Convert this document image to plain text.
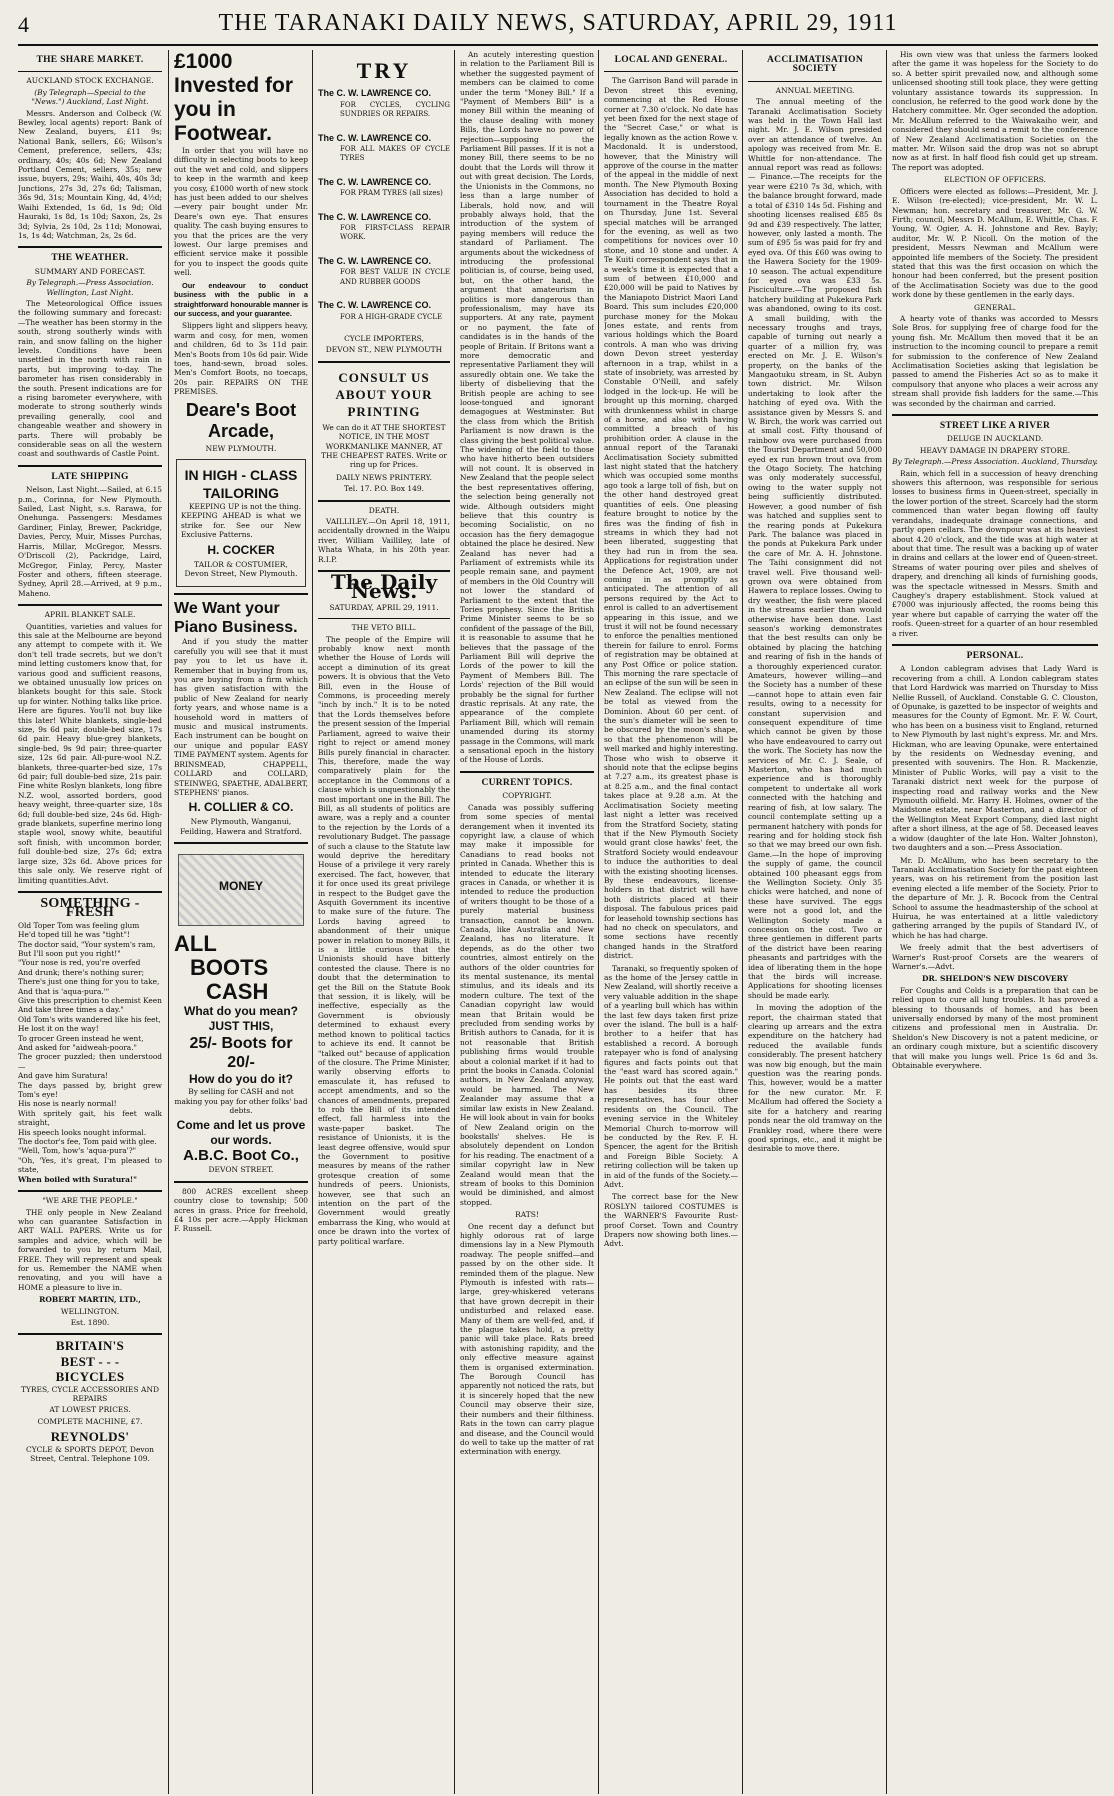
4	THE TARANAKI DAILY NEWS, SATURDAY, APRIL 29, 1911
THE SHARE MARKET.
AUCKLAND STOCK EXCHANGE.
(By Telegraph—Special to the "News.") Auckland, Last Night.

Messrs. Anderson and Colbeck (W. Bewley, local agents) report: Bank of New Zealand, buyers, £11 9s; National Bank, sellers, £6; Wilson's Cement, preference, sellers, 43s; ordinary, 40s; 40s 6d; New Zealand Portland Cement, sellers, 35s; new issue, buyers, 29s; Waihi, 40s, 40s 3d; Junctions, 27s 3d, 27s 6d; Talisman, 36s 9d, 31s; Mountain King, 4d, 4½d; Waihi Extended, 1s 6d, 1s 9d; Old Hauraki, 1s 8d, 1s 10d; Saxon, 2s, 2s 3d; Sylvia, 2s 10d, 2s 11d; Monowai, 1s, 1s 4d; Watchman, 2s, 2s 6d.

THE WEATHER.
SUMMARY AND FORECAST.
By Telegraph.—Press Association. Wellington, Last Night.

The Meteorological Office issues the following summary and forecast:—The weather has been stormy in the south, strong southerly winds with rain, and snow falling on the higher levels. Conditions have been unsettled in the north with rain in parts, but improving to-day. The barometer has risen considerably in the south. Present indications are for a rising barometer everywhere, with moderate to strong southerly winds prevailing generally, cool and changeable weather and showery in parts. There will probably be considerable seas on all the western coast and southwards of Castle Point.

LATE SHIPPING

Nelson, Last Night.—Sailed, at 6.15 p.m., Corinna, for New Plymouth. Sailed, Last Night, s.s. Rarawa, for Onehunga. Passengers: Mesdames Gardiner, Finlay, Brewer, Packridge, Davies, Percy, Muir, Misses Purchas, Harris, Millar, McGregor, Messrs. O'Driscoll (2), Packridge, Laird, McGregor, Finlay, Percy, Master Foster and others, fifteen steerage. Sydney, April 28.—Arrived, at 9 p.m., Maheno.

APRIL BLANKET SALE.

Quantities, varieties and values for this sale at the Melbourne are beyond any attempt to compete with it. We don't tell trade secrets, but we don't mind letting customers know that, for various good and sufficient reasons, we obtained unusually low prices on blankets bought for this sale. Stock up for winter. Nothing talks like price. Here are figures. You'll not buy like this later! White blankets, single-bed size, 9s 6d pair, double-bed size, 17s 6d pair. Heavy blue-grey blankets, single-bed, 9s 9d pair; three-quarter size, 12s 6d pair. All-pure-wool N.Z. blankets, three-quarter-bed size, 17s 6d pair; full double-bed size, 21s pair. Fine white Roslyn blankets, long fibre N.Z. wool, assorted borders, good heavy weight, three-quarter size, 18s 6d; full double-bed size, 24s 6d. High-grade blankets, superfine merino long staple wool, snowy white, beautiful soft finish, with uncommon border, full double-bed size, 27s 6d; extra large size, 32s 6d. Above prices for this sale only. We reserve right of limiting quantities.Advt.

SOMETHING - FRESH

Old Toper Tom was feeling glum

He'd toped till he was "tight"!

The doctor said, "Your system's ram,

But I'll soon put you right!"

"Your nose is red, you're overfed

And drunk; there's nothing surer;

There's just one thing for you to take,

And that is 'aqua-pura.'"

Give this prescription to chemist Keen

And take three times a day."

Old Tom's wits wandered like his feet,

He lost it on the way!

To grocer Green instead he went,

And asked for "aidweah-poora."

The grocer puzzled; then understood—

And gave him Suratura!

The days passed by, bright grew Tom's eye!

His nose is nearly normal!

With spritely gait, his feet walk straight,

His speech looks nought informal.

The doctor's fee, Tom paid with glee.

"Well, Tom, how's 'aqua-pura'?"

"Oh, 'Yes, it's great, I'm pleased to state,

When boiled with Suratura!"

"WE ARE THE PEOPLE."

THE only people in New Zealand who can guarantee Satisfaction in ART WALL PAPERS. Write us for samples and advice, which will be forwarded to you by return Mail, FREE. They will represent and speak for us. Remember the NAME when renovating, and you will have a HOME a pleasure to live in.

ROBERT MARTIN, LTD.,
WELLINGTON.
Est. 1890.
BRITAIN'S
BEST - - -
BICYCLES
TYRES, CYCLE ACCESSORIES AND REPAIRS
AT LOWEST PRICES.
COMPLETE MACHINE, £7.
REYNOLDS'
CYCLE & SPORTS DEPOT, Devon Street, Central. Telephone 109.
£1000 Invested for you in Footwear.

In order that you will have no difficulty in selecting boots to keep out the wet and cold, and slippers to keep in the warmth and keep you cosy, £1000 worth of new stock has just been added to our shelves—every pair bought under Mr. Deare's own eye. That ensures quality. The cash buying ensures to you that the prices are the very lowest. Our large premises and efficient service make it possible for you to inspect the goods quite well.

Our endeavour to conduct business with the public in a straightforward honourable manner is our success, and your guarantee.

Slippers light and slippers heavy, warm and cosy, for men, women and children, 6d to 3s 11d pair. Men's Boots from 10s 6d pair. Wide toes, hand-sewn, broad soles. Men's Comfort Boots, no toecaps, 20s pair. REPAIRS ON THE PREMISES.

Deare's Boot Arcade,
NEW PLYMOUTH.
IN HIGH - CLASS TAILORING

KEEPING UP is not the thing. KEEPING AHEAD is what we strike for. See our New Exclusive Patterns.

H. COCKER
TAILOR & COSTUMIER, Devon Street, New Plymouth.
We Want your Piano Business.

And if you study the matter carefully you will see that it must pay you to let us have it. Remember that in buying from us, you are buying from a firm which has given satisfaction with the public of New Zealand for nearly forty years, and whose name is a household word in matters of music and musical instruments. Each instrument can be bought on our unique and popular EASY TIME PAYMENT system. Agents for BRINSMEAD, CHAPPELL, COLLARD and COLLARD, STEINWEG, SPAETHE, ADALBERT, STEPHENS' pianos.

H. COLLIER & CO.
New Plymouth, Wanganui, Feilding, Hawera and Stratford.
MONEY
ALL
BOOTS
CASH
What do you mean?
JUST THIS,
25/- Boots for 20/-
How do you do it?

By selling for CASH and not making you pay for other folks' bad debts.

Come and let us prove our words.
A.B.C. Boot Co.,
DEVON STREET.

800 ACRES excellent sheep country close to township; 500 acres in grass. Price for freehold, £4 10s per acre.—Apply Hickman F. Russell.

TRY
The C. W. LAWRENCE CO.
FOR CYCLES, CYCLING SUNDRIES OR REPAIRS.
The C. W. LAWRENCE CO.
FOR ALL MAKES OF CYCLE TYRES
The C. W. LAWRENCE CO.
FOR PRAM TYRES (all sizes)
The C. W. LAWRENCE CO.
FOR FIRST-CLASS REPAIR WORK.
The C. W. LAWRENCE CO.
FOR BEST VALUE IN CYCLE AND RUBBER GOODS
The C. W. LAWRENCE CO.
FOR A HIGH-GRADE CYCLE
CYCLE IMPORTERS,
DEVON ST., NEW PLYMOUTH
CONSULT US ABOUT YOUR PRINTING

We can do it AT THE SHORTEST NOTICE, IN THE MOST WORKMANLIKE MANNER, AT THE CHEAPEST RATES. Write or ring up for Prices.

DAILY NEWS PRINTERY.
Tel. 17. P.O. Box 149.
DEATH.

VAILLILEY.—On April 18, 1911, accidentally drowned in the Waipu river, William Vailliley, late of Whata Whata, in his 20th year. R.I.P.

The Daily News.
SATURDAY, APRIL 29, 1911.
THE VETO BILL.

The people of the Empire will probably know next month whether the House of Lords will accept a diminution of its great powers. It is obvious that the Veto Bill, even in the House of Commons, is proceeding merely "inch by inch." It is to be noted that the Lords themselves before the present session of the Imperial Parliament, agreed to waive their right to reject or amend money Bills purely financial in character. This, therefore, made the way comparatively plain for the acceptance in the Commons of a clause which is unquestionably the most important one in the Bill. The Bill, as all students of politics are aware, was a reply and a counter to the rejection by the Lords of a revolutionary Budget. The passage of such a clause to the Statute law would deprive the hereditary House of a privilege it very rarely exercised. The fact, however, that it for once used its great privilege in respect to the Budget gave the Asquith Government its incentive to make sure of the future. The Lords having agreed to abandonment of their unique power in relation to money Bills, it is a little curious that the Unionists should have bitterly contested the clause. There is no doubt that the determination to get the Bill on the Statute Book that session, it is likely, will be ineffective, especially as the Government is obviously determined to exhaust every method known to political tactics to achieve its end. It cannot be "talked out" because of application of the closure. The Prime Minister, warily observing efforts to emasculate it, has refused to accept amendments, and so the chances of amendments, prepared to rob the Bill of its intended effect, fall harmless into the waste-paper basket. The resistance of Unionists, it is the least degree offensive, would spur the Government to positive measures by means of the rather grotesque creation of some hundreds of peers. Unionists, however, see that such an intention on the part of the Government would greatly embarrass the King, who would at once be drawn into the vortex of party political warfare.

An acutely interesting question in relation to the Parliament Bill is whether the suggested payment of members can be claimed to come under the term "Money Bill." If a "Payment of Members Bill" is a money Bill within the meaning of the clause dealing with money Bills, the Lords have no power of rejection—supposing the Parliament Bill passes. If it is not a money Bill, there seems to be no doubt that the Lords will throw it out with great decision. The Lords, the Unionists in the Commons, no less than a large number of Liberals, hold now, and will probably always hold, that the introduction of the system of paying members will reduce the standard of Parliament. The arguments about the wickedness of introducing the professional politician is, of course, being used, but, on the other hand, the argument that amateurism in politics is more dangerous than professionalism, may have its supporters. At any rate, payment or no payment, the fate of candidates is in the hands of the people of Britain. If Britons want a more democratic and representative Parliament they will assuredly obtain one. We take the liberty of disbelieving that the British people are aching to see loose-tongued and ignorant demagogues at Westminster. But the class from which the British Parliament is now drawn is the class giving the best political value. The widening of the field to those who have hitherto been outsiders will not count. It is observed in New Zealand that the people select the best representatives offering, the selection being generally not wide. Although outsiders might believe that this country is becoming Socialistic, on no occasion has the fiery demagogue obtained the place he desired. New Zealand has never had a Parliament of extremists while its people remain sane, and payment of members in the Old Country will not lower the standard of Parliament to the extent that the Tories prophesy. Since the British Prime Minister seems to be so confident of the passage of the Bill, it is reasonable to assume that he believes that the passage of the Parliament Bill will deprive the Lords of the power to kill the Payment of Members Bill. The Lords' rejection of the Bill would probably be the signal for further drastic reprisals. At any rate, the appearance of the complete Parliament Bill, which will remain unamended during its stormy passage in the Commons, will mark a sensational epoch in the history of the House of Lords.

CURRENT TOPICS.
COPYRIGHT.

Canada was possibly suffering from some species of mental derangement when it invented its copyright law, a clause of which may make it impossible for Canadians to read books not printed in Canada. Whether this is intended to educate the literary graces in Canada, or whether it is intended to reduce the production of writers thought to be those of a purely material business transaction, cannot be known. Canada, like Australia and New Zealand, has no literature. It depends, as do the other two countries, almost entirely on the authors of the older countries for its mental sustenance, its mental stimulus, and its ideals and its modern culture. The text of the Canadian copyright law would mean that Britain would be precluded from sending works by British authors to Canada, for it is not reasonable that British publishing firms would trouble about a colonial market if it had to print the books in Canada. Colonial authors, in New Zealand anyway, would be harmed. The New Zealander may assume that a similar law exists in New Zealand. He will look about in vain for books of New Zealand origin on the bookstalls' shelves. He is absolutely dependent on London for his reading. The enactment of a similar copyright law in New Zealand would mean that the stream of books to this Dominion would be diminished, and almost stopped.

RATS!

One recent day a defunct but highly odorous rat of large dimensions lay in a New Plymouth roadway. The people sniffed—and passed by on the other side. It reminded them of the plague. New Plymouth is infested with rats—large, grey-whiskered veterans that have grown decrepit in their undisturbed and relaxed ease. Many of them are well-fed, and, if the plague takes hold, a pretty panic will take place. Rats breed with astonishing rapidity, and the only effective measure against them is organised extermination. The Borough Council has apparently not noticed the rats, but it is sincerely hoped that the new Council may observe their size, their numbers and their filthiness. Rats in the town can carry plague and disease, and the Council would do well to take up the matter of rat extermination with energy.

LOCAL AND GENERAL.

The Garrison Band will parade in Devon street this evening, commencing at the Red House corner at 7.30 o'clock. No date has yet been fixed for the next stage of the "Secret Case," or what is legally known as the action Rowe v. Macdonald. It is understood, however, that the Ministry will approve of the course in the matter of the appeal in the middle of next month. The New Plymouth Boxing Association has decided to hold a tournament in the Theatre Royal on Thursday, June 1st. Several special matches will be arranged for the evening, as well as two competitions for novices over 10 stone, and 10 stone and under. A Te Kuiti correspondent says that in a week's time it is expected that a sum of between £10,000 and £20,000 will be paid to Natives by the Maniapoto District Maori Land Board. This sum includes £20,000 purchase money for the Mokau Jones estate, and rents from various holdings which the Board controls. A man who was driving down Devon street yesterday afternoon in a trap, whilst in a state of insobriety, was arrested by Constable O'Neill, and safely lodged in the lock-up. He will be brought up this morning, charged with drunkenness whilst in charge of a horse, and also with having committed a breach of his prohibition order. A clause in the annual report of the Taranaki Acclimatisation Society submitted last night stated that the hatchery which was occupied some months ago took a large toll of fish, but on the other hand destroyed great quantities of eels. One pleasing feature brought to notice by the fires was the finding of fish in streams in which they had not been liberated, suggesting that they had run in from the sea. Applications for registration under the Defence Act, 1909, are not coming in as promptly as anticipated. The attention of all persons required by the Act to enrol is called to an advertisement appearing in this issue, and we trust it will not be found necessary to enforce the penalties mentioned therein for failure to enrol. Forms of registration may be obtained at any Post Office or police station. This morning the rare spectacle of an eclipse of the sun will be seen in New Zealand. The eclipse will not be total as viewed from the Dominion. About 60 per cent. of the sun's diameter will be seen to be obscured by the moon's shape, so that the phenomenon will be well marked and highly interesting. Those who wish to observe it should note that the eclipse begins at 7.27 a.m., its greatest phase is at 8.25 a.m., and the final contact takes place at 9.28 a.m. At the Acclimatisation Society meeting last night a letter was received from the Stratford Society, stating that if the New Plymouth Society would grant close hawks' feet, the Stratford Society would endeavour to induce the authorities to deal with the existing shooting licenses. By these endeavours, license-holders in that district will have both districts placed at their disposal. The fabulous prices paid for leasehold township sections has had no check on speculators, and some sections have recently changed hands in the Stratford district.

Taranaki, so frequently spoken of as the home of the Jersey cattle in New Zealand, will shortly receive a very valuable addition in the shape of a yearling bull which has within the last few days taken first prize over the island. The bull is a half-brother to a heifer that has established a record. A borough ratepayer who is fond of analysing figures and facts points out that the "east ward has scored again." He points out that the east ward has besides its three representatives, has four other residents on the Council. The evening service in the Whiteley Memorial Church to-morrow will be conducted by the Rev. F. H. Spencer, the agent for the British and Foreign Bible Society. A retiring collection will be taken up in aid of the funds of the Society.—Advt.

The correct base for the New ROSLYN tailored COSTUMES is the WARNER'S Favourite Rust-proof Corset. Town and Country Drapers now showing both lines.—Advt.

ACCLIMATISATION SOCIETY
ANNUAL MEETING.

The annual meeting of the Taranaki Acclimatisation Society was held in the Town Hall last night. Mr. J. E. Wilson presided over an attendance of twelve. An apology was received from Mr. E. Whittle for non-attendance. The annual report was read as follows:— Finance.—The receipts for the year were £210 7s 3d, which, with the balance brought forward, made a total of £310 14s 5d. Fishing and shooting licenses realised £85 8s 9d and £39 respectively. The latter, however, only lasted a month. The sum of £95 5s was paid for fry and eyed ova. Of this £60 was owing to the Hawera Society for the 1909-10 season. The actual expenditure for eyed ova was £33 5s. Pisciculture.—The proposed fish hatchery building at Pukekura Park was abandoned, owing to its cost. A small building, with the necessary troughs and trays, capable of turning out nearly a quarter of a million fry, was erected on Mr. J. E. Wilson's property, on the banks of the Mangaotuku stream, in St. Aubyn town district. Mr. Wilson undertaking to look after the hatching of eyed ova. With the assistance given by Messrs S. and W. Birch, the work was carried out at small cost. Fifty thousand of rainbow ova were purchased from the Tourist Department and 50,000 eyed ex run brown trout ova from the Otago Society. The hatching was only moderately successful, owing to the water supply not being sufficiently distributed. However, a good number of fish was hatched and supplies sent to the rearing ponds at Pukekura Park. The balance was placed in the ponds at Pukekura Park under the care of Mr. A. H. Johnstone. The Taihi consignment did not travel well. Five thousand well-grown ova were obtained from Hawera to replace losses. Owing to dry weather, the fish were placed in the streams earlier than would otherwise have been done. Last season's working demonstrates that the best results can only be obtained by placing the hatching and rearing of fish in the hands of a thoroughly experienced curator. Amateurs, however willing—and the Society has a number of these—cannot hope to attain even fair results, owing to a necessity for constant supervision and consequent expenditure of time which cannot be given by those who have endeavoured to carry out the work. The Society has now the services of Mr. C. J. Seale, of Masterton, who has had much experience and is thoroughly competent to undertake all work connected with the hatching and rearing of fish, at low salary. The council contemplate setting up a permanent hatchery with ponds for rearing and for holding stock fish so that we may breed our own fish. Game.—In the hope of improving the supply of game, the council obtained 100 pheasant eggs from the Wellington Society. Only 35 chicks were hatched, and none of these have survived. The eggs were not a good lot, and the Wellington Society made a concession on the cost. Two or three gentlemen in different parts of the district have been rearing pheasants and partridges with the idea of liberating them in the hope that the birds will increase. Applications for shooting licenses should be made early.

In moving the adoption of the report, the chairman stated that clearing up arrears and the extra expenditure on the hatchery had reduced the available funds considerably. The present hatchery was now big enough, but the main question was the rearing ponds. This, however, would be a matter for the new curator. Mr. F. McAllum had offered the Society a site for a hatchery and rearing ponds near the old tramway on the Frankley road, where there were good springs, etc., and it might be desirable to move there.

His own view was that unless the farmers looked after the game it was hopeless for the Society to do so. A better spirit prevailed now, and although some unlicensed shooting still took place, they were getting voluntary assistance towards its suppression. In conclusion, he referred to the good work done by the Hatchery committee. Mr. Oger seconded the adoption. Mr. McAllum referred to the Waiwakaiho weir, and considered they should send a remit to the conference of New Zealand Acclimatisation Societies on the matter. Mr. Wilson said the drop was not so abrupt now as at first. In half flood fish could get up stream. The report was adopted.

ELECTION OF OFFICERS.

Officers were elected as follows:—President, Mr. J. E. Wilson (re-elected); vice-president, Mr. W. L. Newman; hon. secretary and treasurer, Mr. G. W. Firth; council, Messrs D. McAllum, E. Whittle, Chas. F. Young, W. Ogier, A. H. Johnstone and Rev. Bayly; auditor, Mr. W. P. Nicoll. On the motion of the president, Messrs Newman and McAllum were appointed life members of the Society. The president stated that this was the first occasion on which the honour had been conferred, but the present position of the Acclimatisation Society was due to the good work done by these gentlemen in the early days.

GENERAL.

A hearty vote of thanks was accorded to Messrs Sole Bros. for supplying free of charge food for the young fish. Mr. McAllum then moved that it be an instruction to the incoming council to prepare a remit for submission to the conference of New Zealand Acclimatisation Societies asking that legislation be passed to amend the Fisheries Act so as to make it compulsory that anyone who places a weir across any stream shall provide fish ladders for the same.—This was seconded by the chairman and carried.

STREET LIKE A RIVER
DELUGE IN AUCKLAND.
HEAVY DAMAGE IN DRAPERY STORE.
By Telegraph.—Press Association. Auckland, Thursday.

Rain, which fell in a succession of heavy drenching showers this afternoon, was responsible for serious losses to business firms in Queen-street, specially in the lower portion of the street. Scarcely had the storm commenced than water began flowing off faulty verandahs, inadequate drainage connections, and partly open cellars. The downpour was at its heaviest about 4.20 o'clock, and the tide was at high water at about that time. The result was a backing up of water in drains and cellars at the lower end of Queen-street. Streams of water pouring over piles and shelves of drapery, and drenching all kinds of furnishing goods, was the spectacle witnessed in Messrs. Smith and Caughey's drapery establishment. Stock valued at £7000 was injuriously affected, the rooms being this year where but capable of carrying the water off the roofs. Queen-street for a quarter of an hour resembled a river.

PERSONAL.

A London cablegram advises that Lady Ward is recovering from a chill. A London cablegram states that Lord Hardwick was married on Thursday to Miss Nellie Russell, of Auckland. Constable G. C. Clouston, of Opunake, is gazetted to be inspector of weights and measures for the County of Egmont. Mr. F. W. Court, who has been on a business visit to England, returned to New Plymouth by last night's express. Mr. and Mrs. Hickman, who are leaving Opunake, were entertained by the residents on Wednesday evening, and presented with souvenirs. The Hon. R. Mackenzie, Minister of Public Works, will pay a visit to the Taranaki district next week for the purpose of inspecting road and railway works and the New Plymouth oilfield. Mr. Harry H. Holmes, owner of the Maidstone estate, near Masterton, and a director of the Wellington Meat Export Company, died last night after a short illness, at the age of 58. Deceased leaves a widow (daughter of the late Hon. Walter Johnston), two daughters and a son.—Press Association.

Mr. D. McAllum, who has been secretary to the Taranaki Acclimatisation Society for the past eighteen years, was on his retirement from the position last evening elected a life member of the Society. Prior to the departure of Mr. J. R. Bocock from the Central School to assume the headmastership of the school at Huirua, he was entertained at a little valedictory gathering arranged by the pupils of Standard IV., of which he has had charge.

We freely admit that the best advertisers of Warner's Rust-proof Corsets are the wearers of Warner's.—Advt.

DR. SHELDON'S NEW DISCOVERY

For Coughs and Colds is a preparation that can be relied upon to cure all lung troubles. It has proved a blessing to thousands of homes, and has been universally endorsed by many of the most prominent citizens and professional men in Australia. Dr. Sheldon's New Discovery is not a patent medicine, or an ordinary cough mixture, but a scientific discovery that will make you lungs well. Price 1s 6d and 3s. Obtainable everywhere.
